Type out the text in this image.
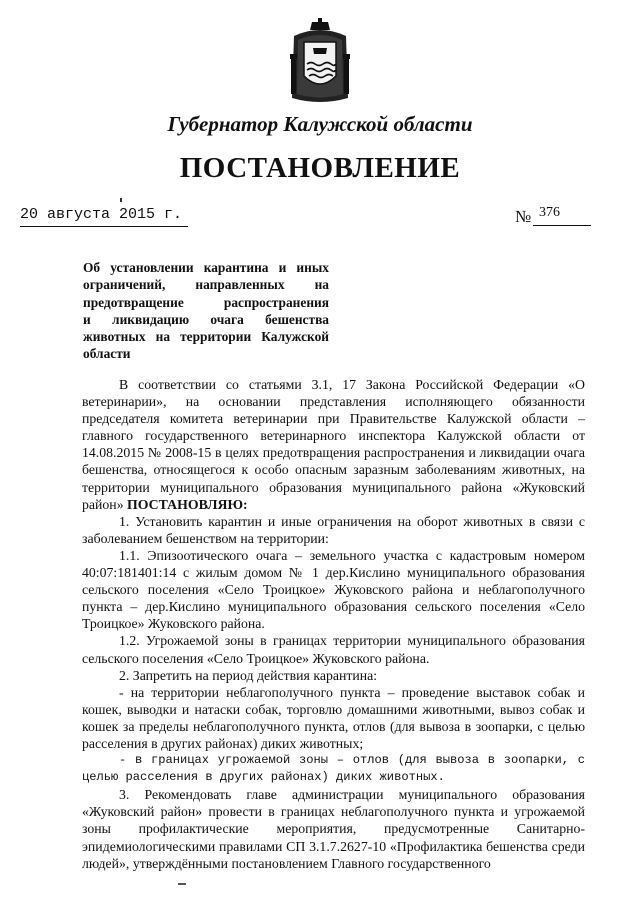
Губернатор Калужской области
ПОСТАНОВЛЕНИЕ
20 августа 2015 г.	№ 376
Об установлении карантина и иных
ограничений, направленных на
предотвращение распространения
и ликвидацию очага бешенства
животных на территории Калужской
области

В соответствии со статьями 3.1, 17 Закона Российской Федерации «О ветеринарии», на основании представления исполняющего обязанности председателя комитета ветеринарии при Правительстве Калужской области – главного государственного ветеринарного инспектора Калужской области от 14.08.2015 № 2008-15 в целях предотвращения распространения и ликвидации очага бешенства, относящегося к особо опасным заразным заболеваниям животных, на территории муниципального образования муниципального района «Жуковский район» ПОСТАНОВЛЯЮ:

1. Установить карантин и иные ограничения на оборот животных в связи с заболеванием бешенством на территории:

1.1. Эпизоотического очага – земельного участка с кадастровым номером 40:07:181401:14 с жилым домом № 1 дер.Кислино муниципального образования сельского поселения «Село Троицкое» Жуковского района и неблагополучного пункта – дер.Кислино муниципального образования сельского поселения «Село Троицкое» Жуковского района.

1.2. Угрожаемой зоны в границах территории муниципального образования сельского поселения «Село Троицкое» Жуковского района.

2. Запретить на период действия карантина:

- на территории неблагополучного пункта – проведение выставок собак и кошек, выводки и натаски собак, торговлю домашними животными, вывоз собак и кошек за пределы неблагополучного пункта, отлов (для вывоза в зоопарки, с целью расселения в других районах) диких животных;

- в границах угрожаемой зоны – отлов (для вывоза в зоопарки, с целью расселения в других районах) диких животных.

3. Рекомендовать главе администрации муниципального образования «Жуковский район» провести в границах неблагополучного пункта и угрожаемой зоны профилактические мероприятия, предусмотренные Санитарно-эпидемиологическими правилами СП 3.1.7.2627-10 «Профилактика бешенства среди людей», утверждёнными постановлением Главного государственного
